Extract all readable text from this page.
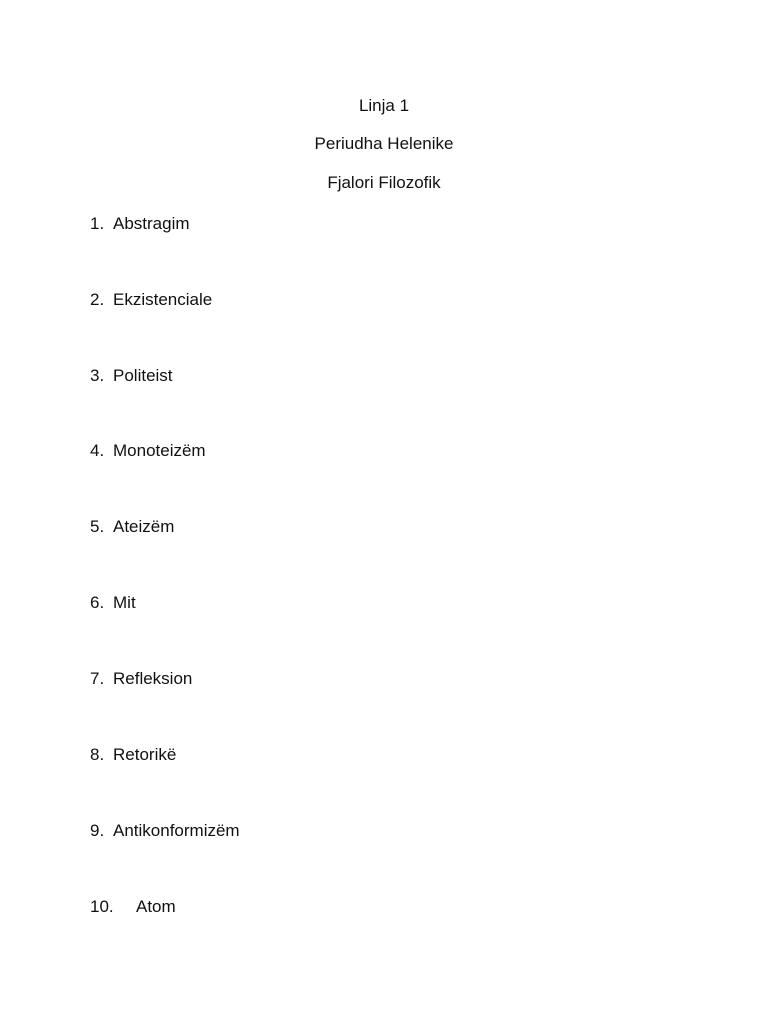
Linja 1
Periudha Helenike
Fjalori Filozofik
1. Abstragim
2. Ekzistenciale
3. Politeist
4. Monoteizëm
5. Ateizëm
6. Mit
7. Refleksion
8. Retorikë
9. Antikonformizëm
10. Atom
